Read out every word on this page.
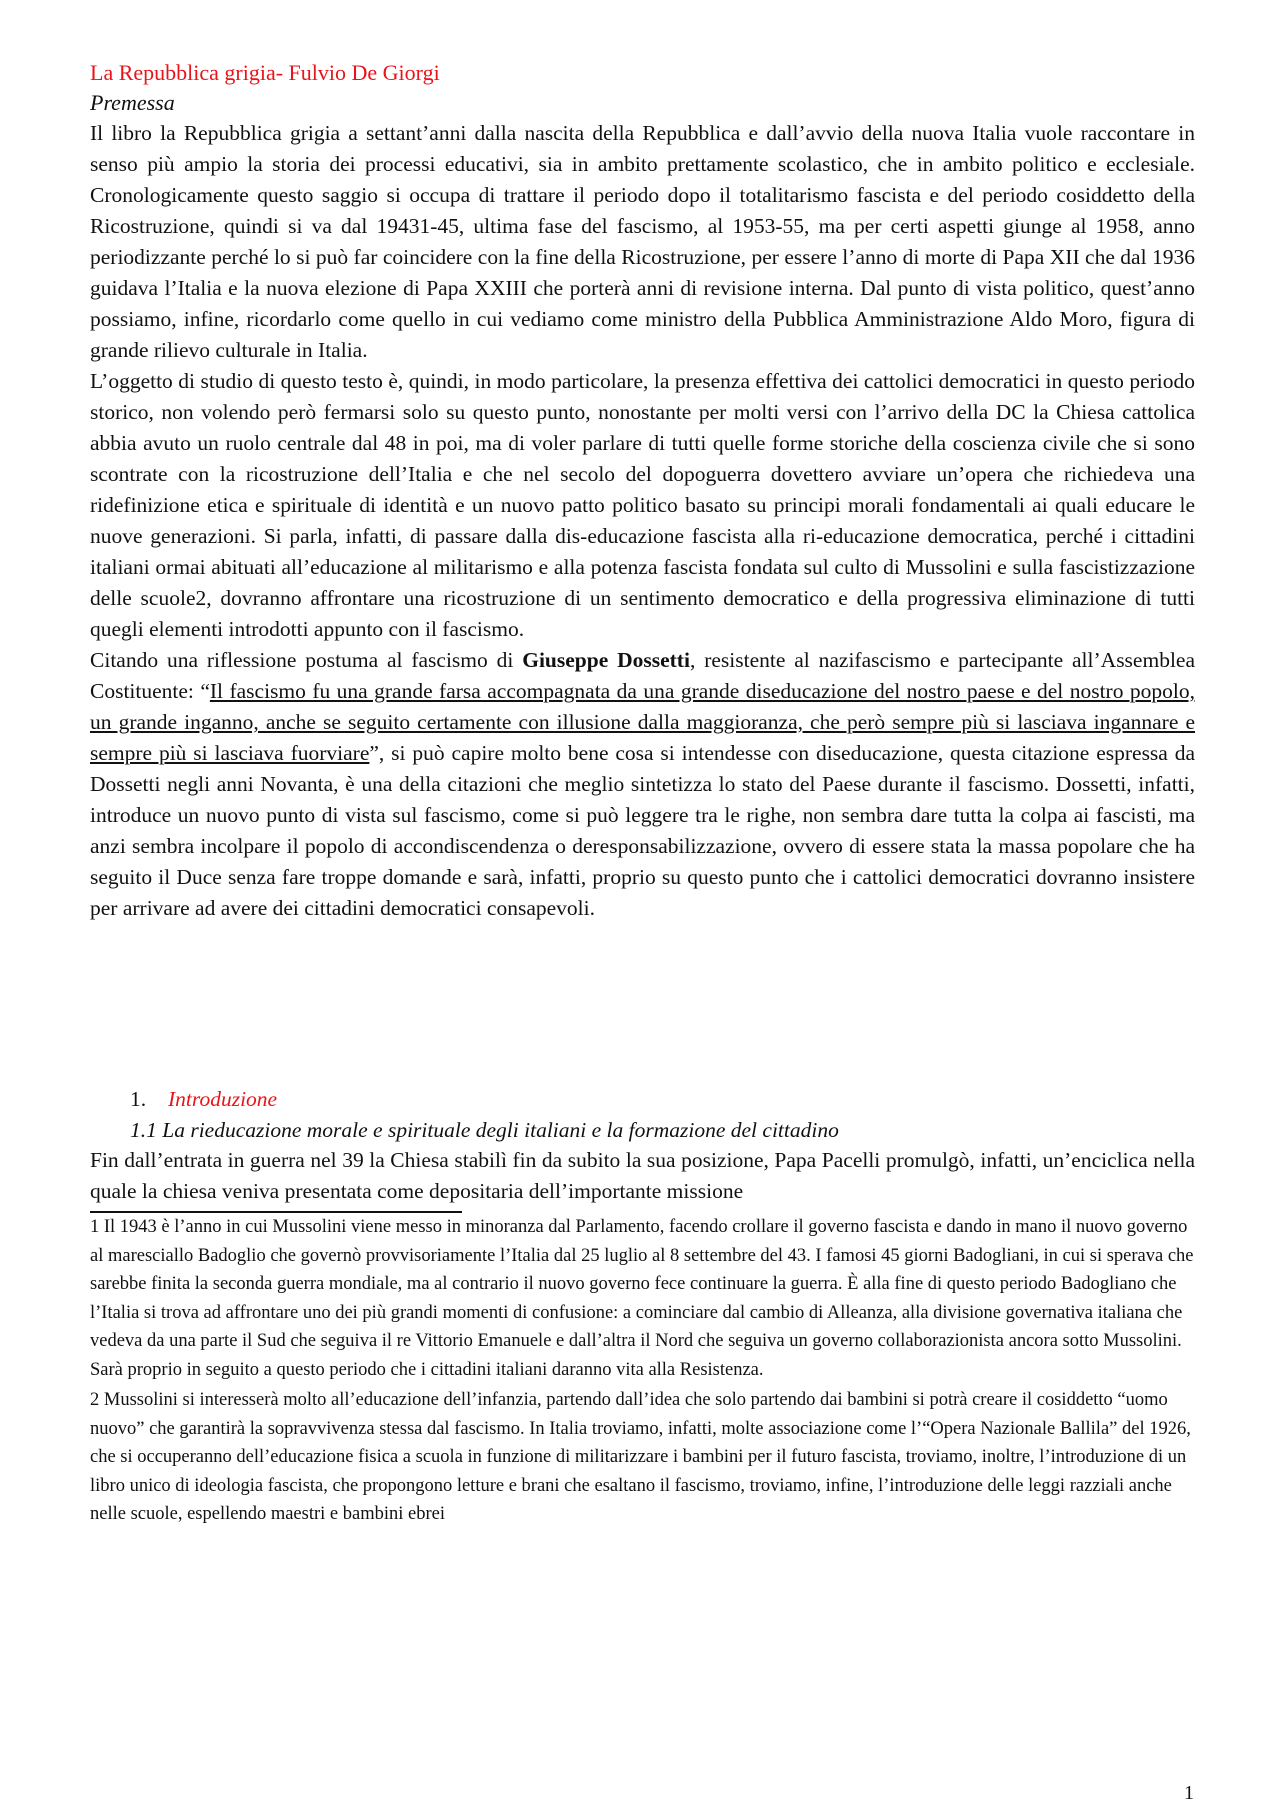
La Repubblica grigia- Fulvio De Giorgi
Premessa

Il libro la Repubblica grigia a settant’anni dalla nascita della Repubblica e dall’avvio della nuova Italia vuole raccontare in senso più ampio la storia dei processi educativi, sia in ambito prettamente scolastico, che in ambito politico e ecclesiale. Cronologicamente questo saggio si occupa di trattare il periodo dopo il totalitarismo fascista e del periodo cosiddetto della Ricostruzione, quindi si va dal 19431-45, ultima fase del fascismo, al 1953-55, ma per certi aspetti giunge al 1958, anno periodizzante perché lo si può far coincidere con la fine della Ricostruzione, per essere l’anno di morte di Papa XII che dal 1936 guidava l’Italia e la nuova elezione di Papa XXIII che porterà anni di revisione interna. Dal punto di vista politico, quest’anno possiamo, infine, ricordarlo come quello in cui vediamo come ministro della Pubblica Amministrazione Aldo Moro, figura di grande rilievo culturale in Italia.

L’oggetto di studio di questo testo è, quindi, in modo particolare, la presenza effettiva dei cattolici democratici in questo periodo storico, non volendo però fermarsi solo su questo punto, nonostante per molti versi con l’arrivo della DC la Chiesa cattolica abbia avuto un ruolo centrale dal 48 in poi, ma di voler parlare di tutti quelle forme storiche della coscienza civile che si sono scontrate con la ricostruzione dell’Italia e che nel secolo del dopoguerra dovettero avviare un’opera che richiedeva una ridefinizione etica e spirituale di identità e un nuovo patto politico basato su principi morali fondamentali ai quali educare le nuove generazioni. Si parla, infatti, di passare dalla dis-educazione fascista alla ri-educazione democratica, perché i cittadini italiani ormai abituati all’educazione al militarismo e alla potenza fascista fondata sul culto di Mussolini e sulla fascistizzazione delle scuole2, dovranno affrontare una ricostruzione di un sentimento democratico e della progressiva eliminazione di tutti quegli elementi introdotti appunto con il fascismo.

Citando una riflessione postuma al fascismo di Giuseppe Dossetti, resistente al nazifascismo e partecipante all’Assemblea Costituente: “Il fascismo fu una grande farsa accompagnata da una grande diseducazione del nostro paese e del nostro popolo, un grande inganno, anche se seguito certamente con illusione dalla maggioranza, che però sempre più si lasciava ingannare e sempre più si lasciava fuorviare”, si può capire molto bene cosa si intendesse con diseducazione, questa citazione espressa da Dossetti negli anni Novanta, è una della citazioni che meglio sintetizza lo stato del Paese durante il fascismo. Dossetti, infatti, introduce un nuovo punto di vista sul fascismo, come si può leggere tra le righe, non sembra dare tutta la colpa ai fascisti, ma anzi sembra incolpare il popolo di accondiscendenza o deresponsabilizzazione, ovvero di essere stata la massa popolare che ha seguito il Duce senza fare troppe domande e sarà, infatti, proprio su questo punto che i cattolici democratici dovranno insistere per arrivare ad avere dei cittadini democratici consapevoli.

1. Introduzione
1.1 La rieducazione morale e spirituale degli italiani e la formazione del cittadino

Fin dall’entrata in guerra nel 39 la Chiesa stabilì fin da subito la sua posizione, Papa Pacelli promulgò, infatti, un’enciclica nella quale la chiesa veniva presentata come depositaria dell’importante missione

1 Il 1943 è l’anno in cui Mussolini viene messo in minoranza dal Parlamento, facendo crollare il governo fascista e dando in mano il nuovo governo al maresciallo Badoglio che governò provvisoriamente l’Italia dal 25 luglio al 8 settembre del 43. I famosi 45 giorni Badogliani, in cui si sperava che sarebbe finita la seconda guerra mondiale, ma al contrario il nuovo governo fece continuare la guerra. È alla fine di questo periodo Badogliano che l’Italia si trova ad affrontare uno dei più grandi momenti di confusione: a cominciare dal cambio di Alleanza, alla divisione governativa italiana che vedeva da una parte il Sud che seguiva il re Vittorio Emanuele e dall’altra il Nord che seguiva un governo collaborazionista ancora sotto Mussolini. Sarà proprio in seguito a questo periodo che i cittadini italiani daranno vita alla Resistenza.

2 Mussolini si interesserà molto all’educazione dell’infanzia, partendo dall’idea che solo partendo dai bambini si potrà creare il cosiddetto “uomo nuovo” che garantirà la sopravvivenza stessa dal fascismo. In Italia troviamo, infatti, molte associazione come l’“Opera Nazionale Ballila” del 1926, che si occuperanno dell’educazione fisica a scuola in funzione di militarizzare i bambini per il futuro fascista, troviamo, inoltre, l’introduzione di un libro unico di ideologia fascista, che propongono letture e brani che esaltano il fascismo, troviamo, infine, l’introduzione delle leggi razziali anche nelle scuole, espellendo maestri e bambini ebrei

1
